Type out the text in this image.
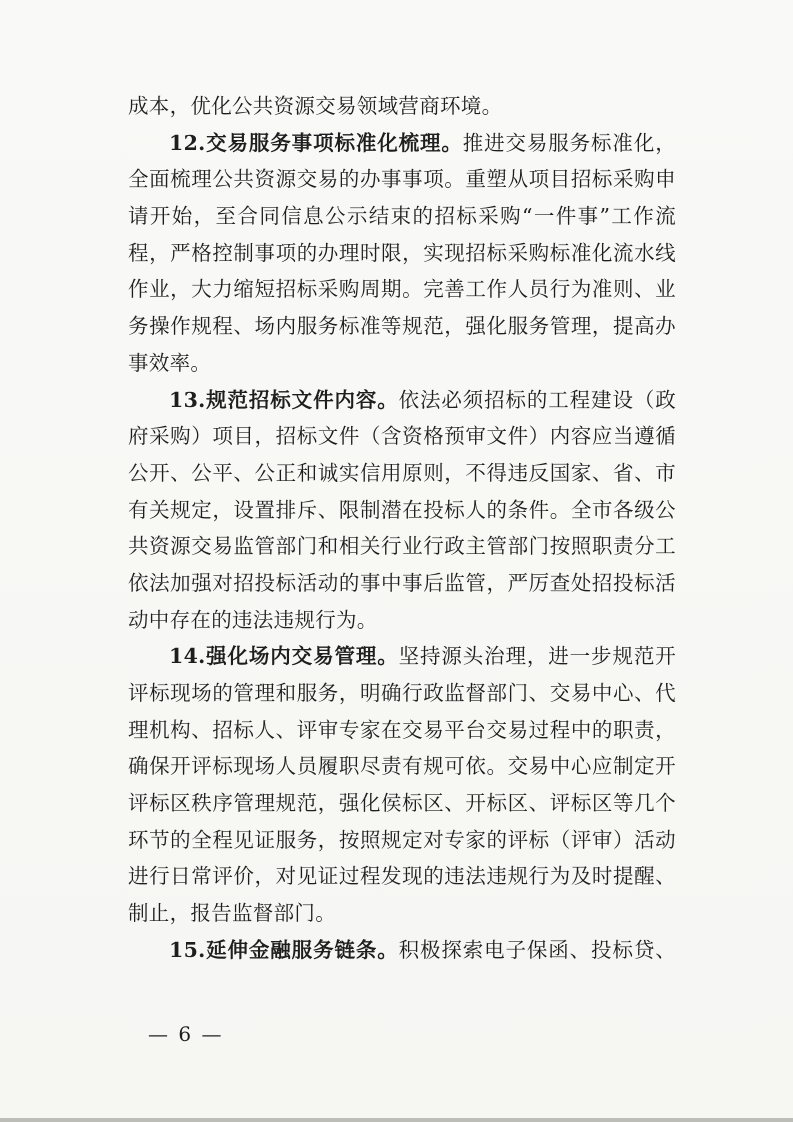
成本，优化公共资源交易领域营商环境。
12.交易服务事项标准化梳理。推进交易服务标准化，
全面梳理公共资源交易的办事事项。重塑从项目招标采购申
请开始，至合同信息公示结束的招标采购“一件事”工作流
程，严格控制事项的办理时限，实现招标采购标准化流水线
作业，大力缩短招标采购周期。完善工作人员行为准则、业
务操作规程、场内服务标准等规范，强化服务管理，提高办
事效率。
13.规范招标文件内容。依法必须招标的工程建设（政
府采购）项目，招标文件（含资格预审文件）内容应当遵循
公开、公平、公正和诚实信用原则，不得违反国家、省、市
有关规定，设置排斥、限制潜在投标人的条件。全市各级公
共资源交易监管部门和相关行业行政主管部门按照职责分工
依法加强对招投标活动的事中事后监管，严厉查处招投标活
动中存在的违法违规行为。
14.强化场内交易管理。坚持源头治理，进一步规范开
评标现场的管理和服务，明确行政监督部门、交易中心、代
理机构、招标人、评审专家在交易平台交易过程中的职责，
确保开评标现场人员履职尽责有规可依。交易中心应制定开
评标区秩序管理规范，强化侯标区、开标区、评标区等几个
环节的全程见证服务，按照规定对专家的评标（评审）活动
进行日常评价，对见证过程发现的违法违规行为及时提醒、
制止，报告监督部门。
15.延伸金融服务链条。积极探索电子保函、投标贷、
— 6 —
